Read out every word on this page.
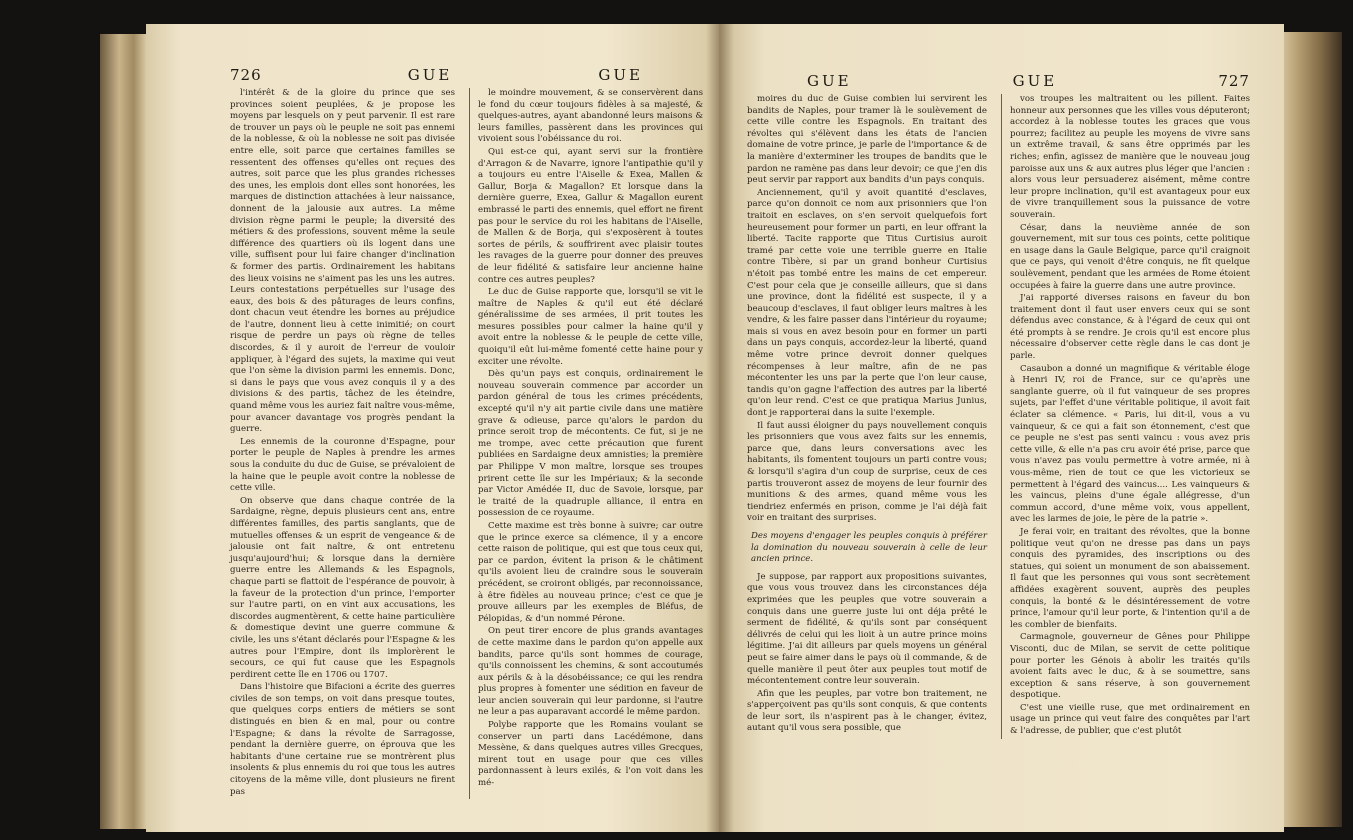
726	GUE	GUE

l'intérêt & de la gloire du prince que ses provinces soient peuplées, & je propose les moyens par lesquels on y peut parvenir. Il est rare de trouver un pays où le peuple ne soit pas ennemi de la noblesse, & où la noblesse ne soit pas divisée entre elle, soit parce que certaines familles se ressentent des offenses qu'elles ont reçues des autres, soit parce que les plus grandes richesses des unes, les emplois dont elles sont honorées, les marques de distinction attachées à leur naissance, donnent de la jalousie aux autres. La même division règne parmi le peuple; la diversité des métiers & des professions, souvent même la seule différence des quartiers où ils logent dans une ville, suffisent pour lui faire changer d'inclination & former des partis. Ordinairement les habitans des lieux voisins ne s'aiment pas les uns les autres. Leurs contestations perpétuelles sur l'usage des eaux, des bois & des pâturages de leurs confins, dont chacun veut étendre les bornes au préjudice de l'autre, donnent lieu à cette inimitié; on court risque de perdre un pays où règne de telles discordes, & il y auroit de l'erreur de vouloir appliquer, à l'égard des sujets, la maxime qui veut que l'on sème la division parmi les ennemis. Donc, si dans le pays que vous avez conquis il y a des divisions & des partis, tâchez de les éteindre, quand même vous les auriez fait naître vous-même, pour avancer davantage vos progrès pendant la guerre.

Les ennemis de la couronne d'Espagne, pour porter le peuple de Naples à prendre les armes sous la conduite du duc de Guise, se prévaloient de la haine que le peuple avoit contre la noblesse de cette ville.

On observe que dans chaque contrée de la Sardaigne, règne, depuis plusieurs cent ans, entre différentes familles, des partis sanglants, que de mutuelles offenses & un esprit de vengeance & de jalousie ont fait naître, & ont entretenu jusqu'aujourd'hui; & lorsque dans la dernière guerre entre les Allemands & les Espagnols, chaque parti se flattoit de l'espérance de pouvoir, à la faveur de la protection d'un prince, l'emporter sur l'autre parti, on en vint aux accusations, les discordes augmentèrent, & cette haine particulière & domestique devint une guerre commune & civile, les uns s'étant déclarés pour l'Espagne & les autres pour l'Empire, dont ils implorèrent le secours, ce qui fut cause que les Espagnols perdirent cette île en 1706 ou 1707.

Dans l'histoire que Bifacioni a écrite des guerres civiles de son temps, on voit dans presque toutes, que quelques corps entiers de métiers se sont distingués en bien & en mal, pour ou contre l'Espagne; & dans la révolte de Sarragosse, pendant la dernière guerre, on éprouva que les habitants d'une certaine rue se montrèrent plus insolents & plus ennemis du roi que tous les autres citoyens de la même ville, dont plusieurs ne firent pas

le moindre mouvement, & se conservèrent dans le fond du cœur toujours fidèles à sa majesté, & quelques-autres, ayant abandonné leurs maisons & leurs familles, passèrent dans les provinces qui vivoient sous l'obéissance du roi.

Qui est-ce qui, ayant servi sur la frontière d'Arragon & de Navarre, ignore l'antipathie qu'il y a toujours eu entre l'Aiselle & Exea, Mallen & Gallur, Borja & Magallon? Et lorsque dans la dernière guerre, Exea, Gallur & Magallon eurent embrassé le parti des ennemis, quel effort ne firent pas pour le service du roi les habitans de l'Aiselle, de Mallen & de Borja, qui s'exposèrent à toutes sortes de périls, & souffrirent avec plaisir toutes les ravages de la guerre pour donner des preuves de leur fidélité & satisfaire leur ancienne haine contre ces autres peuples?

Le duc de Guise rapporte que, lorsqu'il se vit le maître de Naples & qu'il eut été déclaré généralissime de ses armées, il prit toutes les mesures possibles pour calmer la haine qu'il y avoit entre la noblesse & le peuple de cette ville, quoiqu'il eût lui-même fomenté cette haine pour y exciter une révolte.

Dès qu'un pays est conquis, ordinairement le nouveau souverain commence par accorder un pardon général de tous les crimes précédents, excepté qu'il n'y ait partie civile dans une matière grave & odieuse, parce qu'alors le pardon du prince seroit trop de mécontents. Ce fut, si je ne me trompe, avec cette précaution que furent publiées en Sardaigne deux amnisties; la première par Philippe V mon maître, lorsque ses troupes prirent cette île sur les Impériaux; & la seconde par Victor Amédée II, duc de Savoie, lorsque, par le traité de la quadruple alliance, il entra en possession de ce royaume.

Cette maxime est très bonne à suivre; car outre que le prince exerce sa clémence, il y a encore cette raison de politique, qui est que tous ceux qui, par ce pardon, évitent la prison & le châtiment qu'ils avoient lieu de craindre sous le souverain précédent, se croiront obligés, par reconnoissance, à être fidèles au nouveau prince; c'est ce que je prouve ailleurs par les exemples de Bléfus, de Pélopidas, & d'un nommé Pérone.

On peut tirer encore de plus grands avantages de cette maxime dans le pardon qu'on appelle aux bandits, parce qu'ils sont hommes de courage, qu'ils connoissent les chemins, & sont accoutumés aux périls & à la désobéissance; ce qui les rendra plus propres à fomenter une sédition en faveur de leur ancien souverain qui leur pardonne, si l'autre ne leur a pas auparavant accordé le même pardon.

Polybe rapporte que les Romains voulant se conserver un parti dans Lacédémone, dans Messène, & dans quelques autres villes Grecques, mirent tout en usage pour que ces villes pardonnassent à leurs exilés, & l'on voit dans les mé-

GUE	GUE	727

moires du duc de Guise combien lui servirent les bandits de Naples, pour tramer là le soulèvement de cette ville contre les Espagnols. En traitant des révoltes qui s'élèvent dans les états de l'ancien domaine de votre prince, je parle de l'importance & de la manière d'exterminer les troupes de bandits que le pardon ne ramène pas dans leur devoir; ce que j'en dis peut servir par rapport aux bandits d'un pays conquis.

Anciennement, qu'il y avoit quantité d'esclaves, parce qu'on donnoit ce nom aux prisonniers que l'on traitoit en esclaves, on s'en servoit quelquefois fort heureusement pour former un parti, en leur offrant la liberté. Tacite rapporte que Titus Curtisius auroit tramé par cette voie une terrible guerre en Italie contre Tibère, si par un grand bonheur Curtisius n'étoit pas tombé entre les mains de cet empereur. C'est pour cela que je conseille ailleurs, que si dans une province, dont la fidélité est suspecte, il y a beaucoup d'esclaves, il faut obliger leurs maîtres à les vendre, & les faire passer dans l'intérieur du royaume; mais si vous en avez besoin pour en former un parti dans un pays conquis, accordez-leur la liberté, quand même votre prince devroit donner quelques récompenses à leur maître, afin de ne pas mécontenter les uns par la perte que l'on leur cause, tandis qu'on gagne l'affection des autres par la liberté qu'on leur rend. C'est ce que pratiqua Marius Junius, dont je rapporterai dans la suite l'exemple.

Il faut aussi éloigner du pays nouvellement conquis les prisonniers que vous avez faits sur les ennemis, parce que, dans leurs conversations avec les habitants, ils fomentent toujours un parti contre vous; & lorsqu'il s'agira d'un coup de surprise, ceux de ces partis trouveront assez de moyens de leur fournir des munitions & des armes, quand même vous les tiendriez enfermés en prison, comme je l'ai déjà fait voir en traitant des surprises.

Des moyens d'engager les peuples conquis à préférer la domination du nouveau souverain à celle de leur ancien prince.

Je suppose, par rapport aux propositions suivantes, que vous vous trouvez dans les circonstances déja exprimées que les peuples que votre souverain a conquis dans une guerre juste lui ont déja prêté le serment de fidélité, & qu'ils sont par conséquent délivrés de celui qui les lioit à un autre prince moins légitime. J'ai dit ailleurs par quels moyens un général peut se faire aimer dans le pays où il commande, & de quelle manière il peut ôter aux peuples tout motif de mécontentement contre leur souverain.

Afin que les peuples, par votre bon traitement, ne s'apperçoivent pas qu'ils sont conquis, & que contents de leur sort, ils n'aspirent pas à le changer, évitez, autant qu'il vous sera possible, que

vos troupes les maltraitent ou les pillent. Faites honneur aux personnes que les villes vous députeront; accordez à la noblesse toutes les graces que vous pourrez; facilitez au peuple les moyens de vivre sans un extrême travail, & sans être opprimés par les riches; enfin, agissez de manière que le nouveau joug paroisse aux uns & aux autres plus léger que l'ancien : alors vous leur persuaderez aisément, même contre leur propre inclination, qu'il est avantageux pour eux de vivre tranquillement sous la puissance de votre souverain.

César, dans la neuvième année de son gouvernement, mit sur tous ces points, cette politique en usage dans la Gaule Belgique, parce qu'il craignoit que ce pays, qui venoit d'être conquis, ne fît quelque soulèvement, pendant que les armées de Rome étoient occupées à faire la guerre dans une autre province.

J'ai rapporté diverses raisons en faveur du bon traitement dont il faut user envers ceux qui se sont défendus avec constance, & à l'égard de ceux qui ont été prompts à se rendre. Je crois qu'il est encore plus nécessaire d'observer cette règle dans le cas dont je parle.

Casaubon a donné un magnifique & véritable éloge à Henri IV, roi de France, sur ce qu'après une sanglante guerre, où il fut vainqueur de ses propres sujets, par l'effet d'une véritable politique, il avoit fait éclater sa clémence. « Paris, lui dit-il, vous a vu vainqueur, & ce qui a fait son étonnement, c'est que ce peuple ne s'est pas senti vaincu : vous avez pris cette ville, & elle n'a pas cru avoir été prise, parce que vous n'avez pas voulu permettre à votre armée, ni à vous-même, rien de tout ce que les victorieux se permettent à l'égard des vaincus.... Les vainqueurs & les vaincus, pleins d'une égale allégresse, d'un commun accord, d'une même voix, vous appellent, avec les larmes de joie, le père de la patrie ».

Je ferai voir, en traitant des révoltes, que la bonne politique veut qu'on ne dresse pas dans un pays conquis des pyramides, des inscriptions ou des statues, qui soient un monument de son abaissement. Il faut que les personnes qui vous sont secrètement affidées exagèrent souvent, auprès des peuples conquis, la bonté & le désintéressement de votre prince, l'amour qu'il leur porte, & l'intention qu'il a de les combler de bienfaits.

Carmagnole, gouverneur de Gênes pour Philippe Visconti, duc de Milan, se servit de cette politique pour porter les Génois à abolir les traités qu'ils avoient faits avec le duc, & à se soumettre, sans exception & sans réserve, à son gouvernement despotique.

C'est une vieille ruse, que met ordinairement en usage un prince qui veut faire des conquêtes par l'art & l'adresse, de publier, que c'est plutôt
